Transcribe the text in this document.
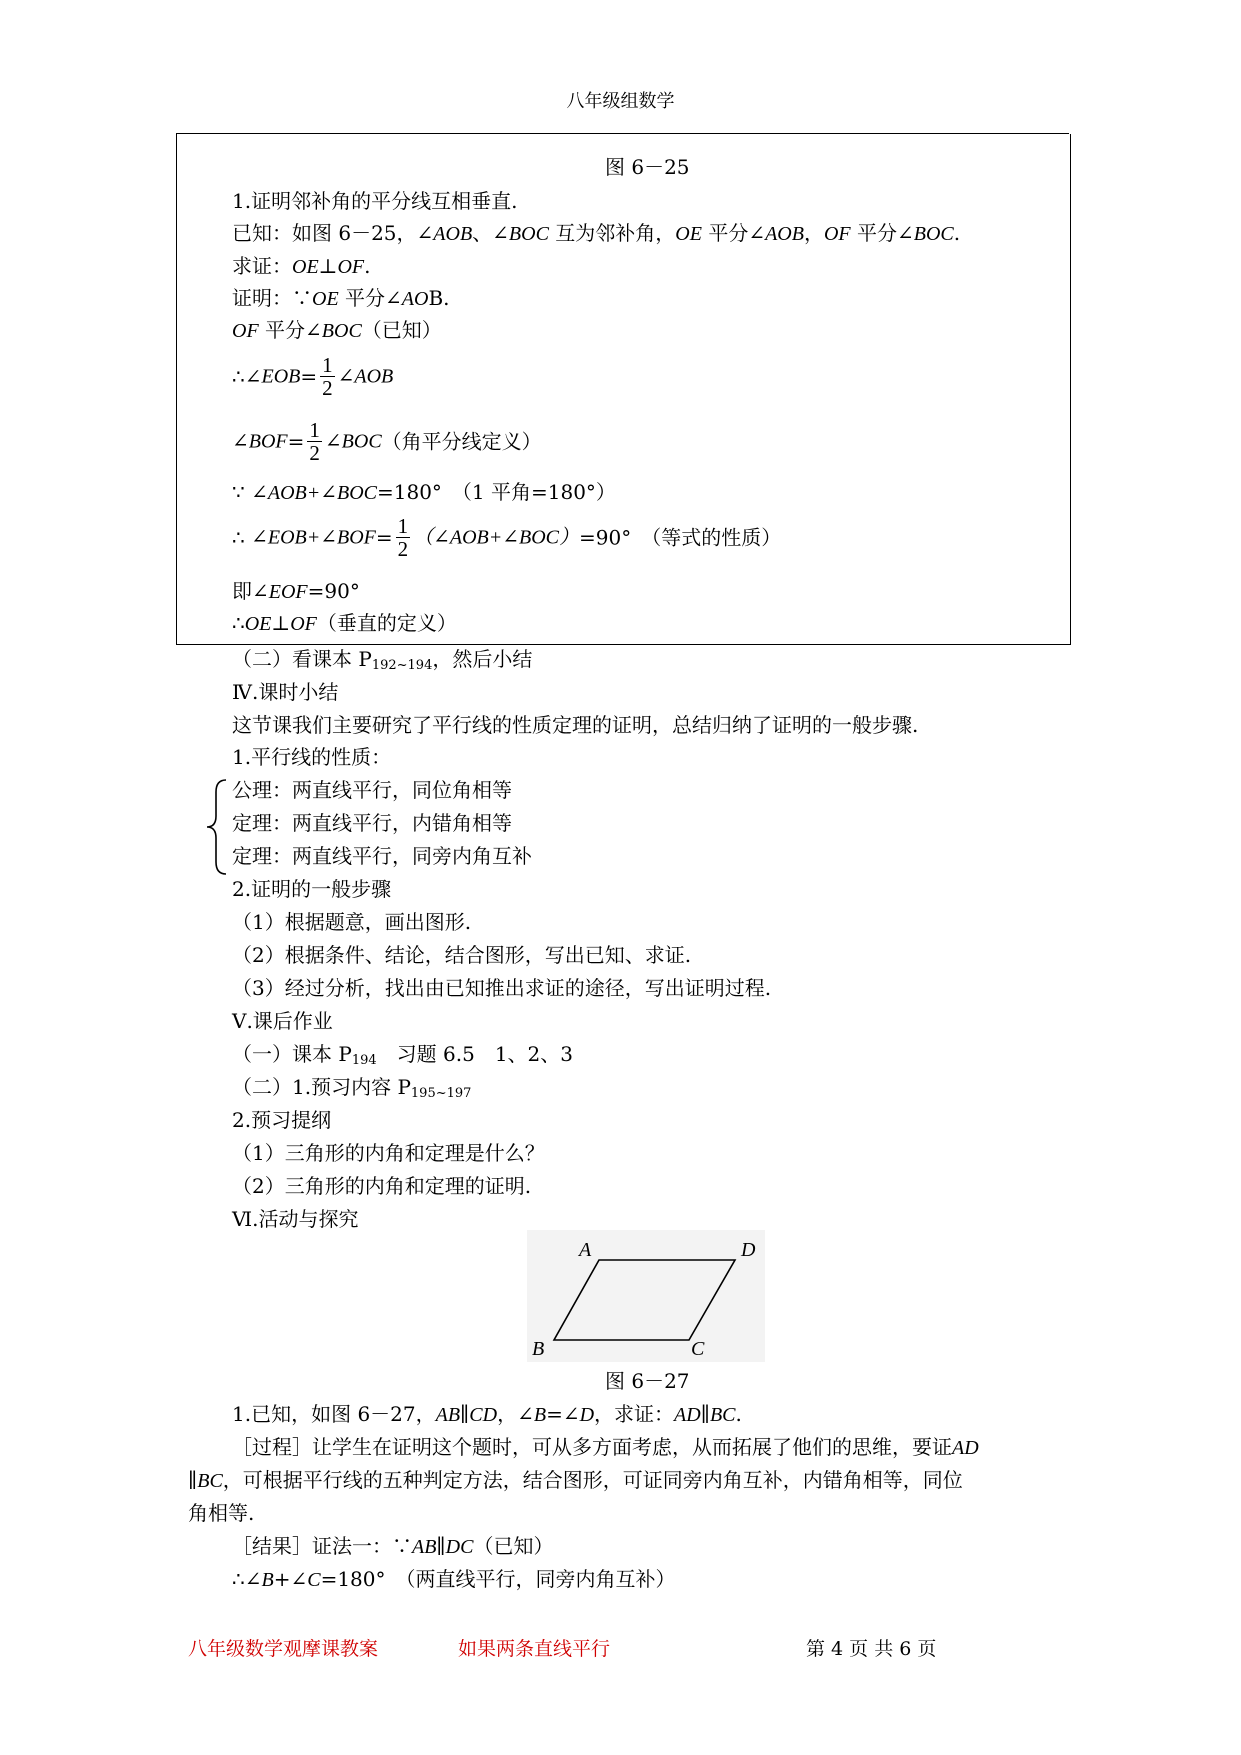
八年级组数学
图 6－25
1.证明邻补角的平分线互相垂直.
已知：如图 6－25，∠AOB、∠BOC 互为邻补角，OE 平分∠AOB，OF 平分∠BOC.
求证：OE⊥OF.
证明：∵OE 平分∠AOB.
OF 平分∠BOC（已知）
∴∠EOB= $\frac{1}{2}$ ∠AOB
∠BOF= $\frac{1}{2}$ ∠BOC（角平分线定义）
∵ ∠AOB+∠BOC=180°　 （1 平角=180°）
∴ ∠EOB+∠BOF= $\frac{1}{2}$ （∠AOB+∠BOC）=90°　 （等式的性质）
即∠EOF=90°
∴OE⊥OF（垂直的定义）
（二）看课本 $P_{192\sim 194}$，然后小结
Ⅳ.课时小结
这节课我们主要研究了平行线的性质定理的证明，总结归纳了证明的一般步骤.
1.平行线的性质：
公理：两直线平行，同位角相等
定理：两直线平行，内错角相等
定理：两直线平行，同旁内角互补
2.证明的一般步骤
（1）根据题意，画出图形.
（2）根据条件、结论，结合图形，写出已知、求证.
（3）经过分析，找出由已知推出求证的途径，写出证明过程.
Ⅴ.课后作业
（一）课本 $P_{194}$　习题 6.5　1、2、3
（二）1.预习内容 $P_{195\sim 197}$
2.预习提纲
（1）三角形的内角和定理是什么？
（2）三角形的内角和定理的证明.
Ⅵ.活动与探究
A	D
B	C
图 6－27
1.已知，如图 6－27，AB∥CD，∠B=∠D，求证：AD∥BC.
［过程］让学生在证明这个题时，可从多方面考虑，从而拓展了他们的思维，要证AD
∥BC，可根据平行线的五种判定方法，结合图形，可证同旁内角互补，内错角相等，同位
角相等.
［结果］证法一：∵AB∥DC（已知）
∴∠B+∠C=180°　 （两直线平行，同旁内角互补）
八年级数学观摩课教案	如果两条直线平行	第 4 页 共 6 页
